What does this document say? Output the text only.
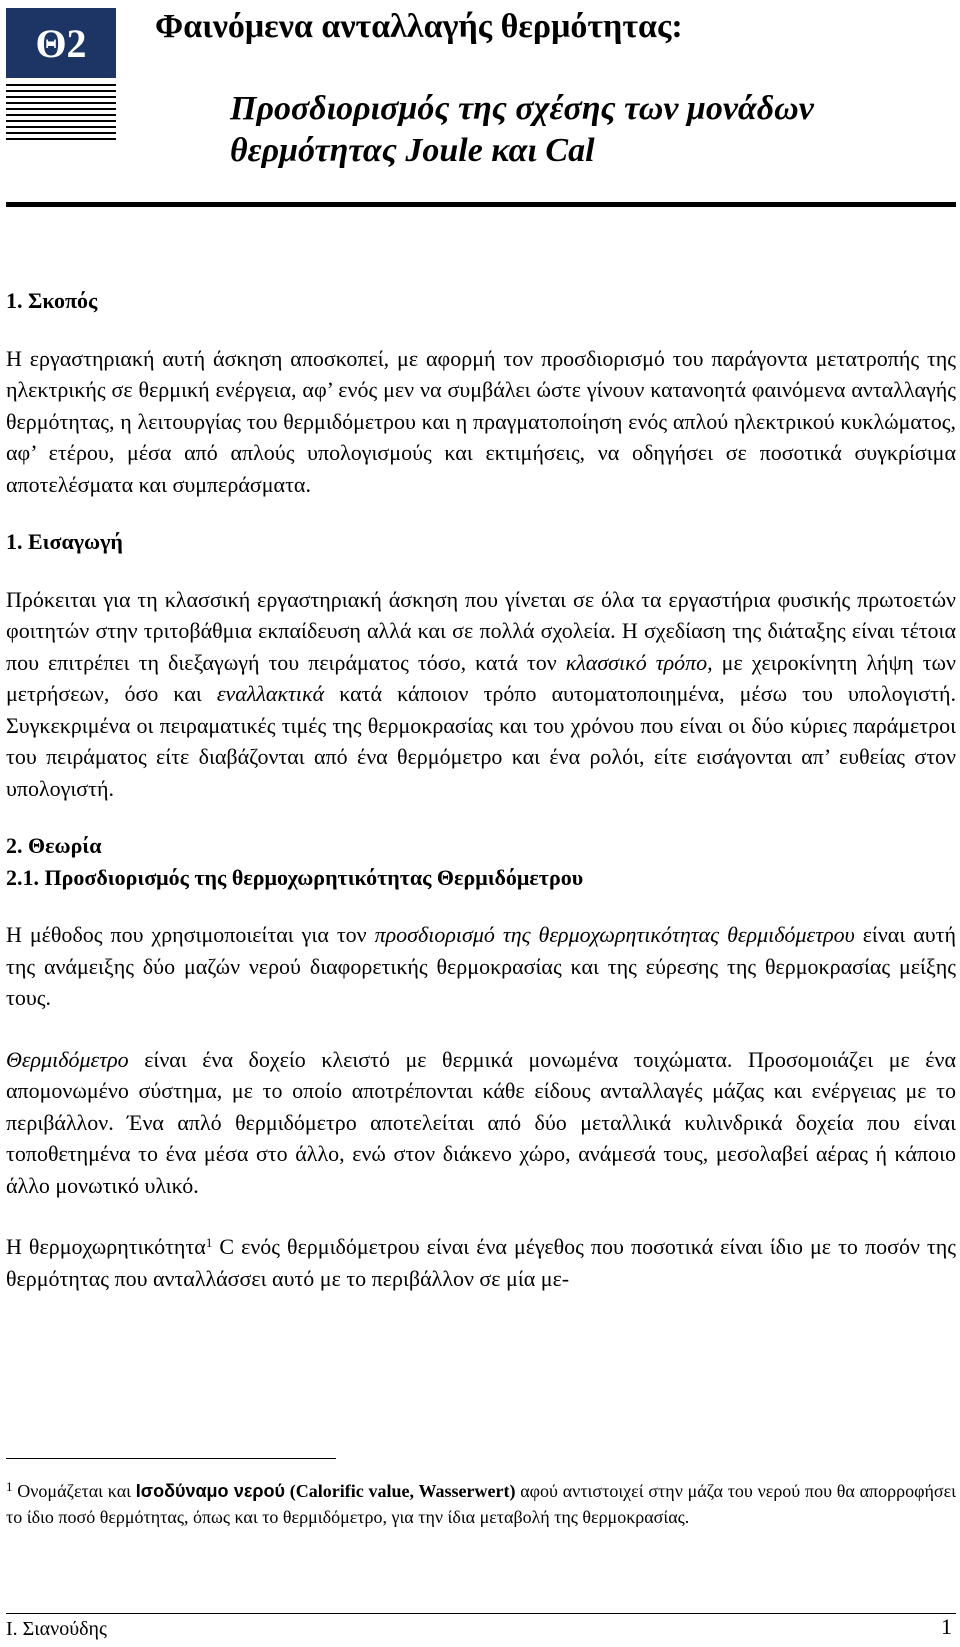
Θ2 Φαινόμενα ανταλλαγής θερμότητας:
Προσδιορισμός της σχέσης των μονάδων
θερμότητας Joule και Cal

1. Σκοπός

Η εργαστηριακή αυτή άσκηση αποσκοπεί, με αφορμή τον προσδιορισμό του παράγοντα μετατροπής της ηλεκτρικής σε θερμική ενέργεια, αφ’ ενός μεν να συμβάλει ώστε γίνουν κατανοητά φαινόμενα ανταλλαγής θερμότητας, η λειτουργίας του θερμιδόμετρου και η πραγματοποίηση ενός απλού ηλεκτρικού κυκλώματος, αφ’ ετέρου, μέσα από απλούς υπολογισμούς και εκτιμήσεις, να οδηγήσει σε ποσοτικά συγκρίσιμα αποτελέσματα και συμπεράσματα.

1. Εισαγωγή

Πρόκειται για τη κλασσική εργαστηριακή άσκηση που γίνεται σε όλα τα εργαστήρια φυσικής πρωτοετών φοιτητών στην τριτοβάθμια εκπαίδευση αλλά και σε πολλά σχολεία. Η σχεδίαση της διάταξης είναι τέτοια που επιτρέπει τη διεξαγωγή του πειράματος τόσο, κατά τον κλασσικό τρόπο, με χειροκίνητη λήψη των μετρήσεων, όσο και εναλλακτικά κατά κάποιον τρόπο αυτοματοποιημένα, μέσω του υπολογιστή. Συγκεκριμένα οι πειραματικές τιμές της θερμοκρασίας και του χρόνου που είναι οι δύο κύριες παράμετροι του πειράματος είτε διαβάζονται από ένα θερμόμετρο και ένα ρολόι, είτε εισάγονται απ’ ευθείας στον υπολογιστή.

2. Θεωρία

2.1. Προσδιορισμός της θερμοχωρητικότητας Θερμιδόμετρου

Η μέθοδος που χρησιμοποιείται για τον προσδιορισμό της θερμοχωρητικότητας θερμιδόμετρου είναι αυτή της ανάμειξης δύο μαζών νερού διαφορετικής θερμοκρασίας και της εύρεσης της θερμοκρασίας μείξης τους.

Θερμιδόμετρο είναι ένα δοχείο κλειστό με θερμικά μονωμένα τοιχώματα. Προσομοιάζει με ένα απομονωμένο σύστημα, με το οποίο αποτρέπονται κάθε είδους ανταλλαγές μάζας και ενέργειας με το περιβάλλον. Ένα απλό θερμιδόμετρο αποτελείται από δύο μεταλλικά κυλινδρικά δοχεία που είναι τοποθετημένα το ένα μέσα στο άλλο, ενώ στον διάκενο χώρο, ανάμεσά τους, μεσολαβεί αέρας ή κάποιο άλλο μονωτικό υλικό.

Η θερμοχωρητικότητα$^1$ C ενός θερμιδόμετρου είναι ένα μέγεθος που ποσοτικά είναι ίδιο με το ποσόν της θερμότητας που ανταλλάσσει αυτό με το περιβάλλον σε μία με-

$^1$ Ονομάζεται και Ισοδύναμο νερού (Calorific value, Wasserwert) αφού αντιστοιχεί στην μάζα του νερού που θα απορροφήσει το ίδιο ποσό θερμότητας, όπως και το θερμιδόμετρο, για την ίδια μεταβολή της θερμοκρασίας.
Ι. Σιανούδης	1
